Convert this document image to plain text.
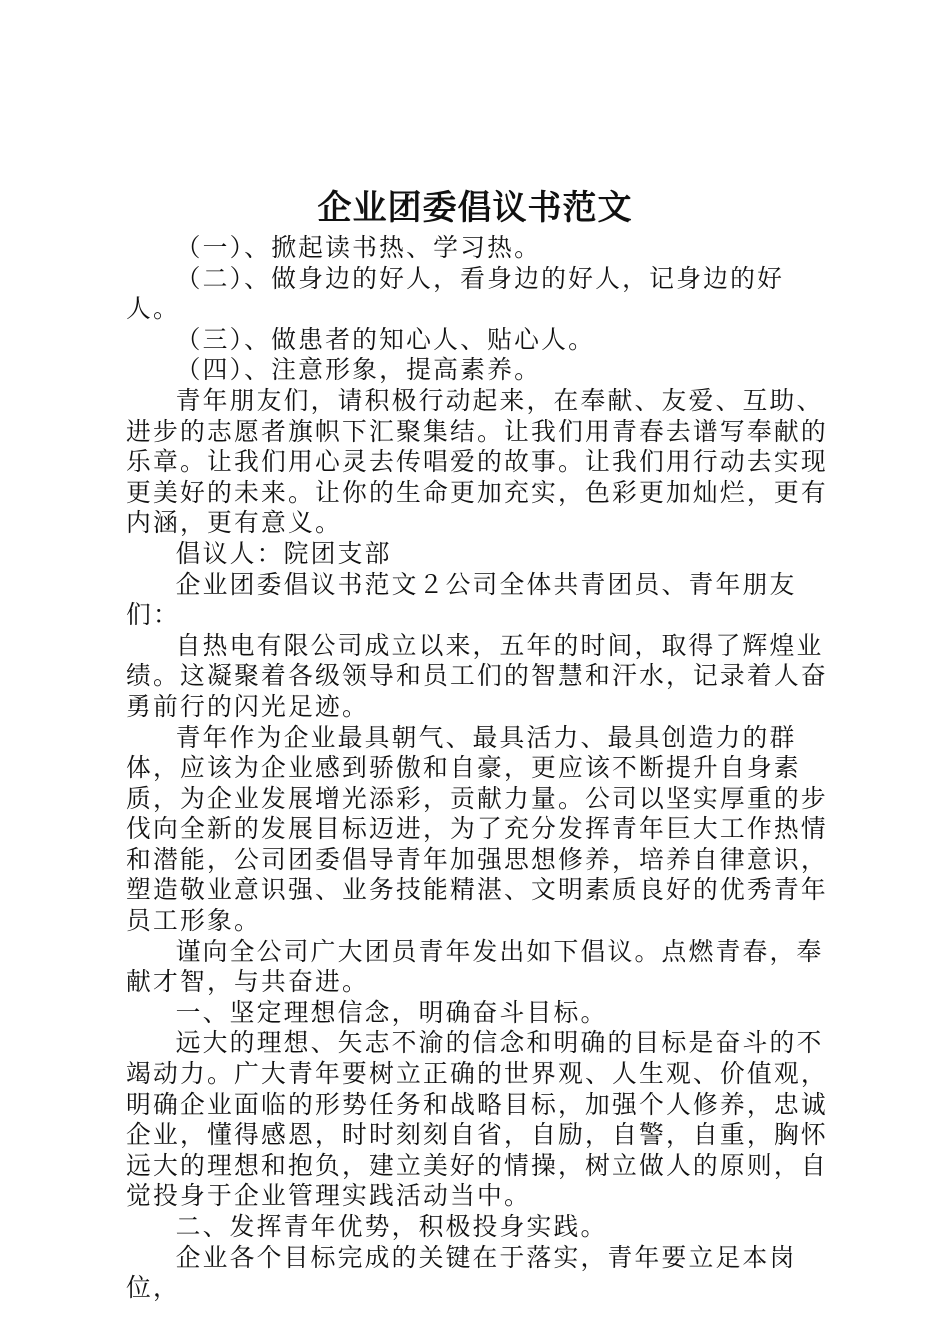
企业团委倡议书范文

（一）、掀起读书热、学习热。

（二）、做身边的好人，看身边的好人，记身边的好人。

（三）、做患者的知心人、贴心人。

（四）、注意形象，提高素养。

青年朋友们，请积极行动起来，在奉献、友爱、互助、进步的志愿者旗帜下汇聚集结。让我们用青春去谱写奉献的乐章。让我们用心灵去传唱爱的故事。让我们用行动去实现更美好的未来。让你的生命更加充实，色彩更加灿烂，更有内涵，更有意义。

倡议人：院团支部

企业团委倡议书范文２公司全体共青团员、青年朋友们：

自热电有限公司成立以来，五年的时间，取得了辉煌业绩。这凝聚着各级领导和员工们的智慧和汗水，记录着人奋勇前行的闪光足迹。

青年作为企业最具朝气、最具活力、最具创造力的群体，应该为企业感到骄傲和自豪，更应该不断提升自身素质，为企业发展增光添彩，贡献力量。公司以坚实厚重的步伐向全新的发展目标迈进，为了充分发挥青年巨大工作热情和潜能，公司团委倡导青年加强思想修养，培养自律意识，塑造敬业意识强、业务技能精湛、文明素质良好的优秀青年员工形象。

谨向全公司广大团员青年发出如下倡议。点燃青春，奉献才智，与共奋进。

一、坚定理想信念，明确奋斗目标。

远大的理想、矢志不渝的信念和明确的目标是奋斗的不竭动力。广大青年要树立正确的世界观、人生观、价值观，明确企业面临的形势任务和战略目标，加强个人修养，忠诚企业，懂得感恩，时时刻刻自省，自励，自警，自重，胸怀远大的理想和抱负，建立美好的情操，树立做人的原则，自觉投身于企业管理实践活动当中。

二、发挥青年优势，积极投身实践。

企业各个目标完成的关键在于落实，青年要立足本岗位，
